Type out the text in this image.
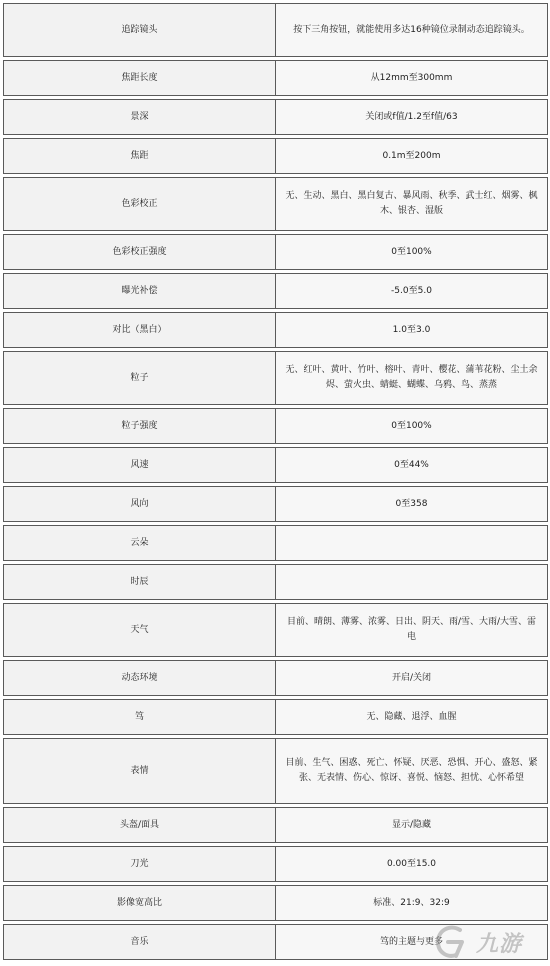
追踪镜头	按下三角按钮，就能使用多达16种镜位录制动态追踪镜头。
焦距长度	从12mm至300mm
景深	关闭或f值/1.2至f值/63
焦距	0.1m至200m
色彩校正	无、生动、黑白、黑白复古、暴风雨、秋季、武士红、烟雾、枫木、银杏、湿版
色彩校正强度	0至100%
曝光补偿	-5.0至5.0
对比（黑白）	1.0至3.0
粒子	无、红叶、黄叶、竹叶、榕叶、青叶、樱花、蒲苇花粉、尘土余烬、萤火虫、蜻蜓、蝴蝶、乌鸦、鸟、蒸蒸
粒子强度	0至100%
风速	0至44%
风向	0至358
云朵	
时辰	
天气	目前、晴朗、薄雾、浓雾、日出、阴天、雨/雪、大雨/大雪、雷电
动态环境	开启/关闭
笃	无、隐藏、退浮、血腥
表情	目前、生气、困惑、死亡、怀疑、厌恶、恐惧、开心、盛怒、紧张、无表情、伤心、惊讶、喜悦、恼怒、担忧、心怀希望
头盔/面具	显示/隐藏
刀光	0.00至15.0
影像宽高比	标准、21:9、32:9
音乐	笃的主题与更多 九游
